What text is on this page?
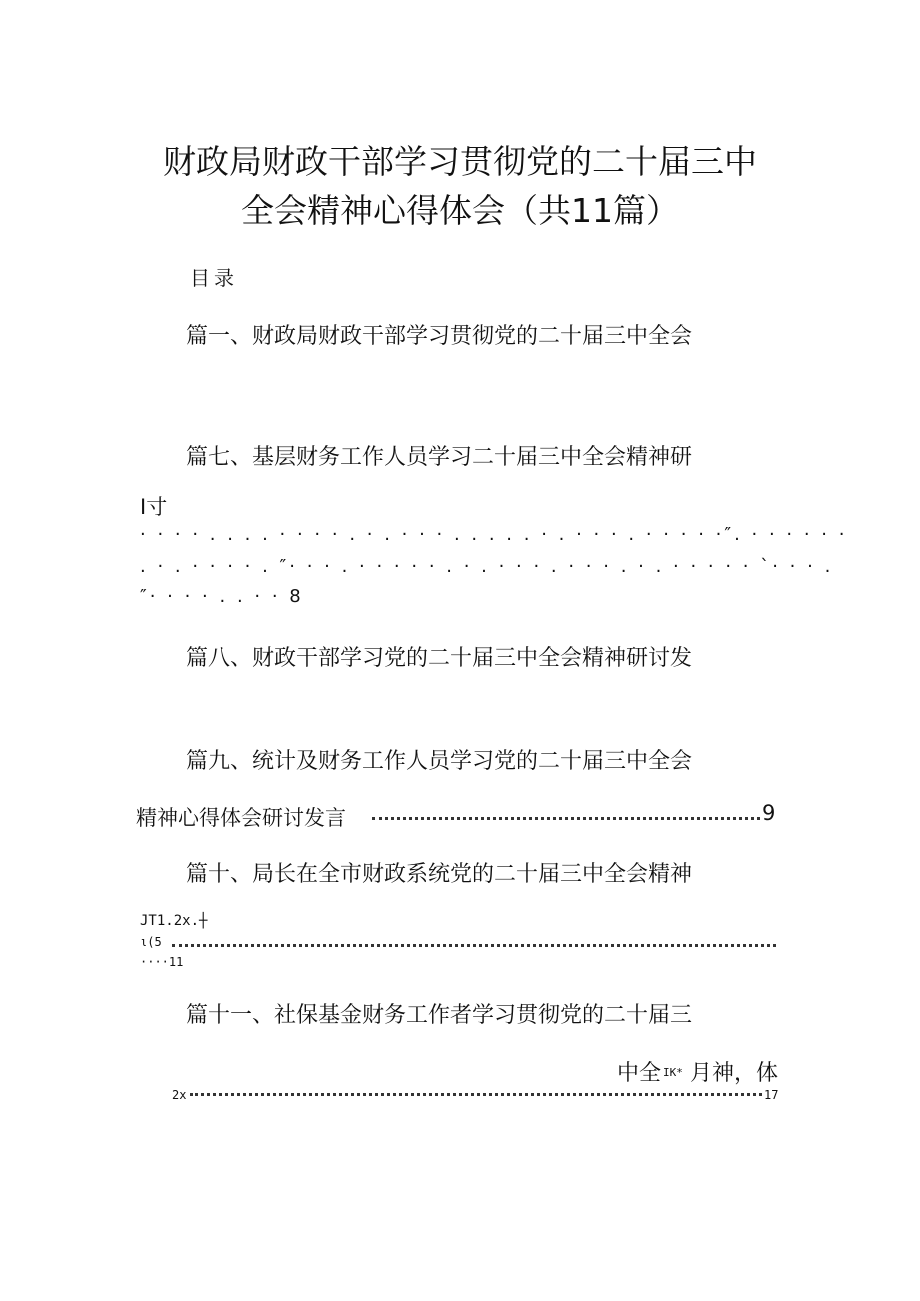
财政局财政干部学习贯彻党的二十届三中
全会精神心得体会（共11篇）
目录
篇一、财政局财政干部学习贯彻党的二十届三中全会
篇七、基层财务工作人员学习二十届三中全会精神研
I寸
· · · · . . . . · · · · . · . · · · . . . . . · . · · · . · · · · ·″. · · · · · ·
. · . · · · · . ″· · · . · · · · · . · . · · · . · · · . · . · · · · · ˋ· · · .
″· · · · . . · · 8
篇八、财政干部学习党的二十届三中全会精神研讨发
篇九、统计及财务工作人员学习党的二十届三中全会
精神心得体会研讨发言	9
篇十、局长在全市财政系统党的二十届三中全会精神
JT1.2x.┼
ι(5
····11
篇十一、社保基金财务工作者学习贯彻党的二十届三
中全 IK* 月神，体
2x	17
